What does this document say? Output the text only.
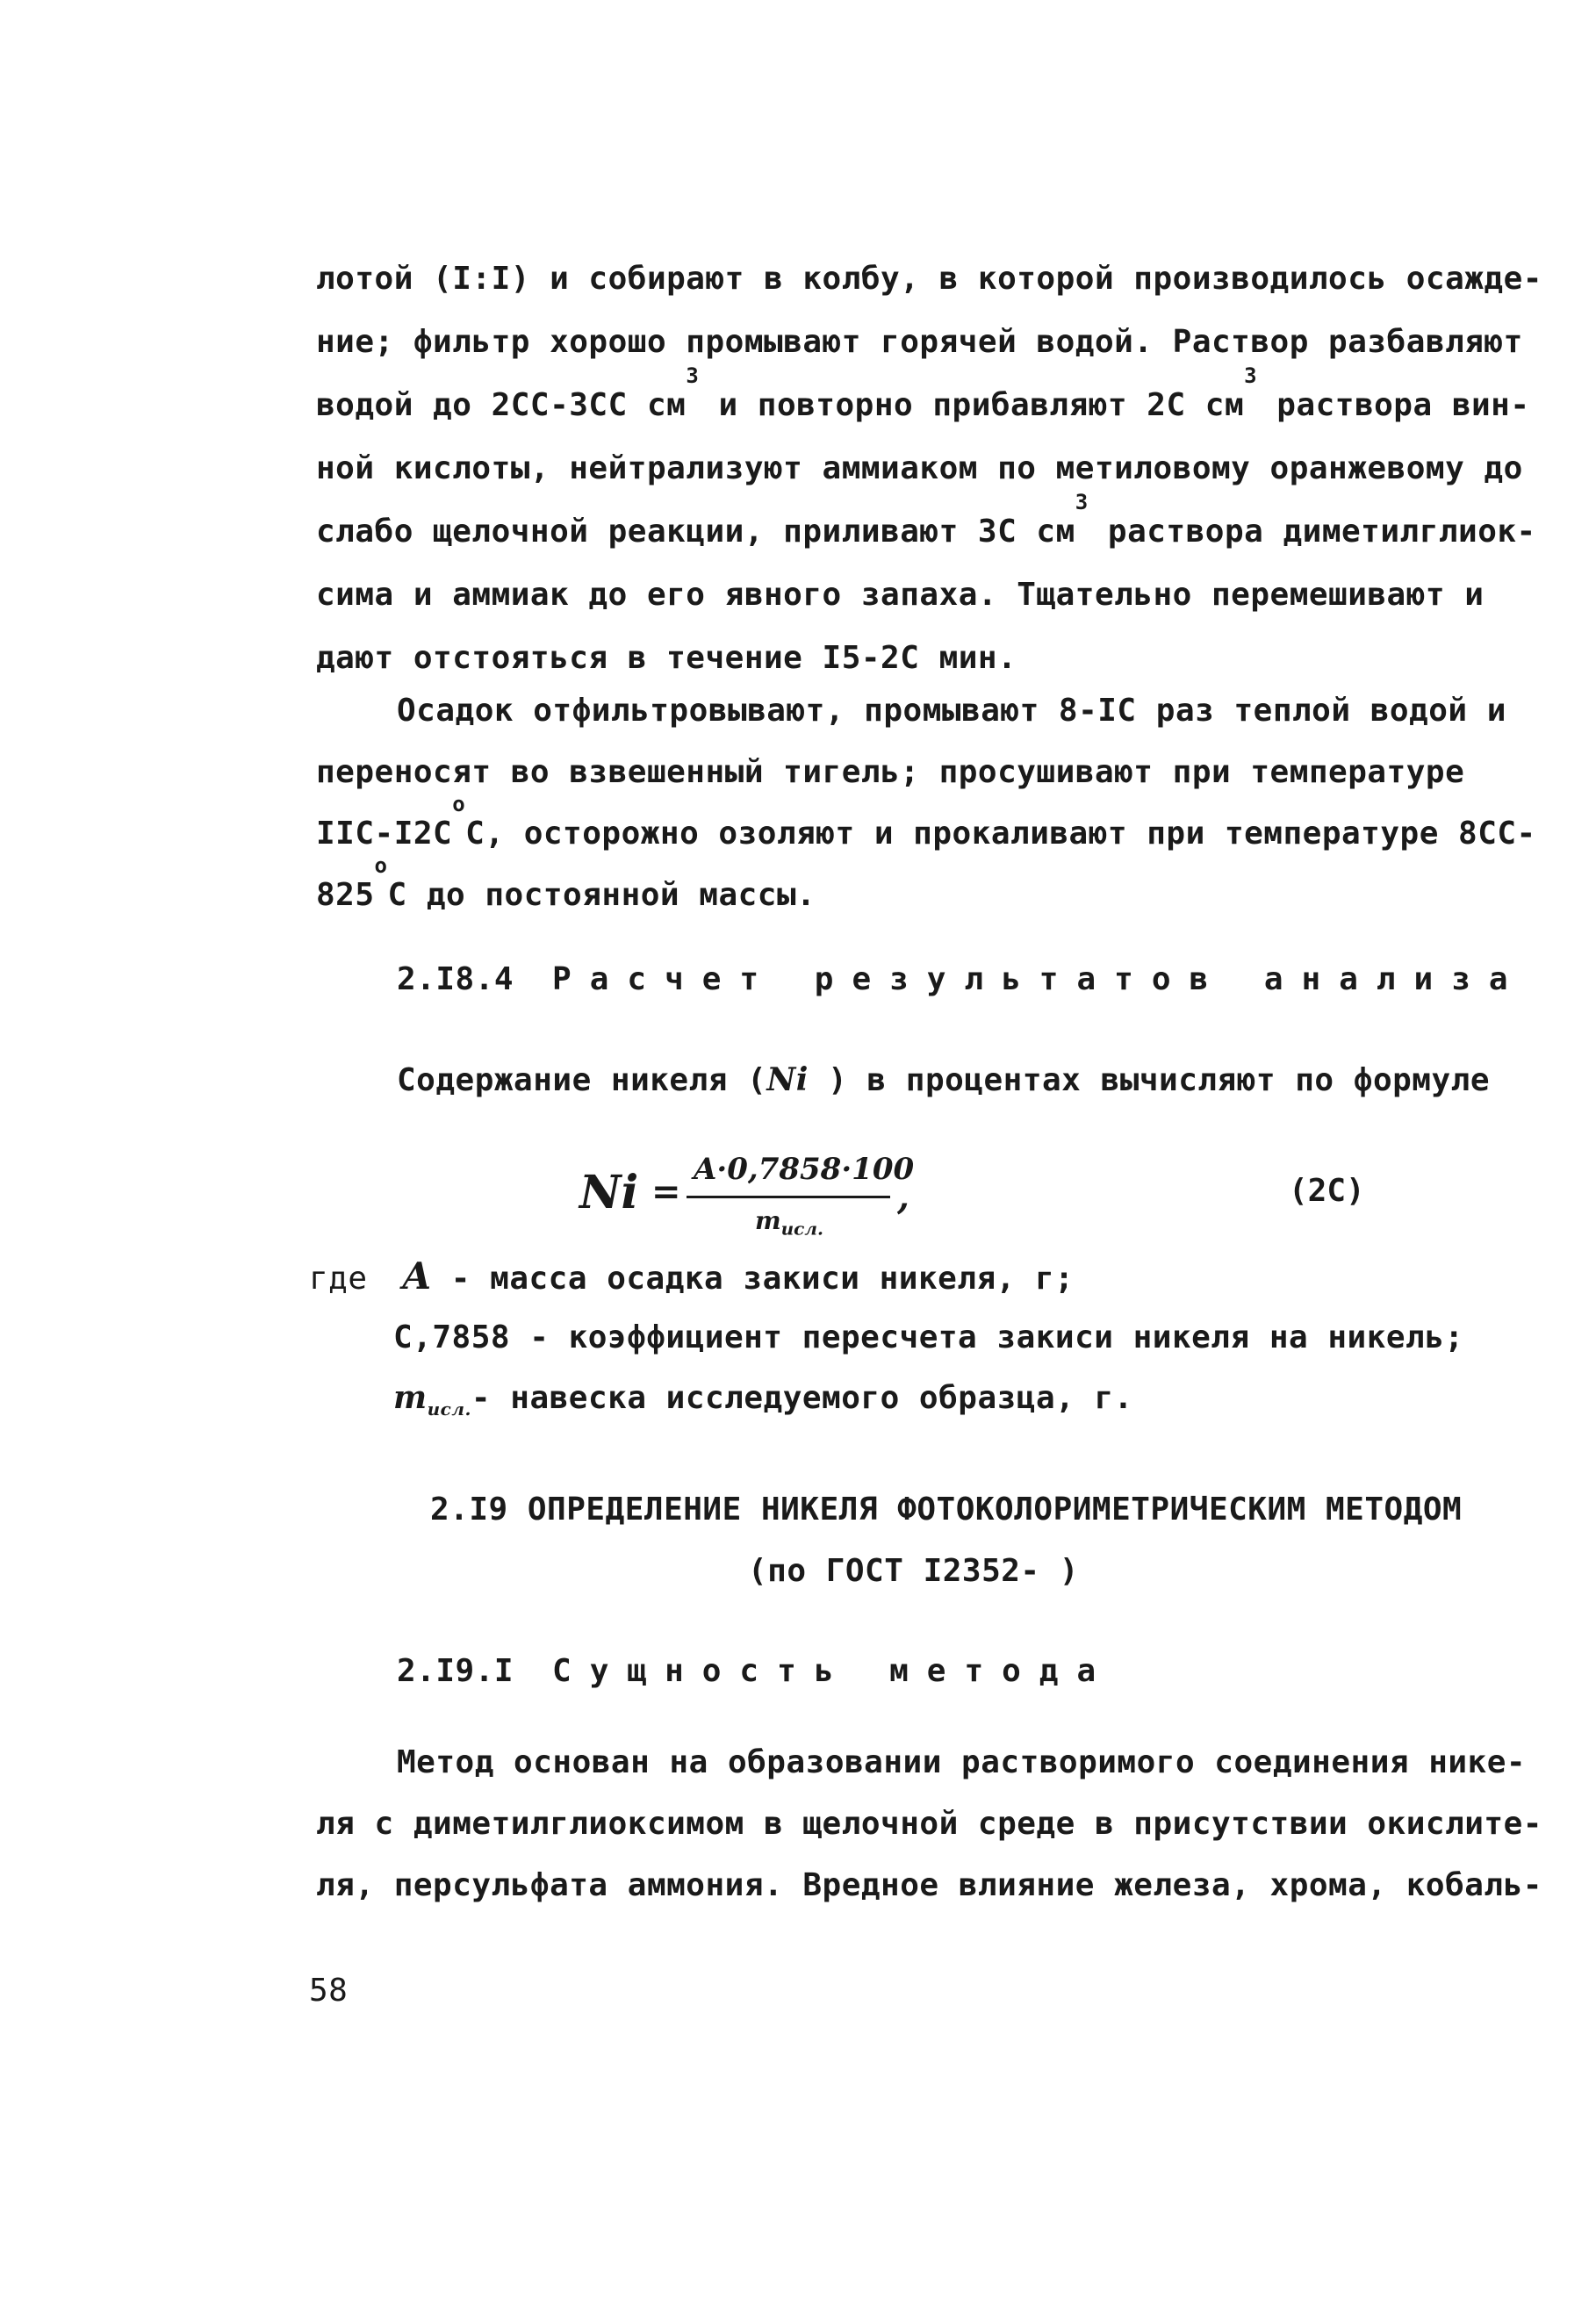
лотой (I:I) и собирают в колбу, в которой производилось осажде-
ние; фильтр хорошо промывают горячей водой. Раствор разбавляют
водой до 2СС-3СС $см^3$ и повторно прибавляют 2С $см^3$ раствора вин-
ной кислоты, нейтрализуют аммиаком по метиловому оранжевому до
слабо щелочной реакции, приливают 3С $см^3$ раствора диметилглиок-
сима и аммиак до его явного запаха. Тщательно перемешивают и
дают отстояться в течение I5-2С мин.
Осадок отфильтровывают, промывают 8-IС раз теплой водой и
переносят во взвешенный тигель; просушивают при температуре
IIС-$I2С^оС$, осторожно озоляют и прокаливают при температуре 8СС-
$825^оС$ до постоянной массы.
2.I8.4 Расчет результатов анализа
Содержание никеля (Ni ) в процентах вычисляют по формуле
Ni =
A·0,7858·100
$m_{иcл.}$
,	(2С)
где A - масса осадка закиси никеля, г;
С,7858 - коэффициент пересчета закиси никеля на никель;
$m_{иcл.}-$ навеска исследуемого образца, г.
2.I9 ОПРЕДЕЛЕНИЕ НИКЕЛЯ ФОТОКОЛОРИМЕТРИЧЕСКИМ МЕТОДОМ
(по ГОСТ I2352- )
2.I9.I Сущность метода
Метод основан на образовании растворимого соединения нике-
ля с диметилглиоксимом в щелочной среде в присутствии окислите-
ля, персульфата аммония. Вредное влияние железа, хрома, кобаль-
58
